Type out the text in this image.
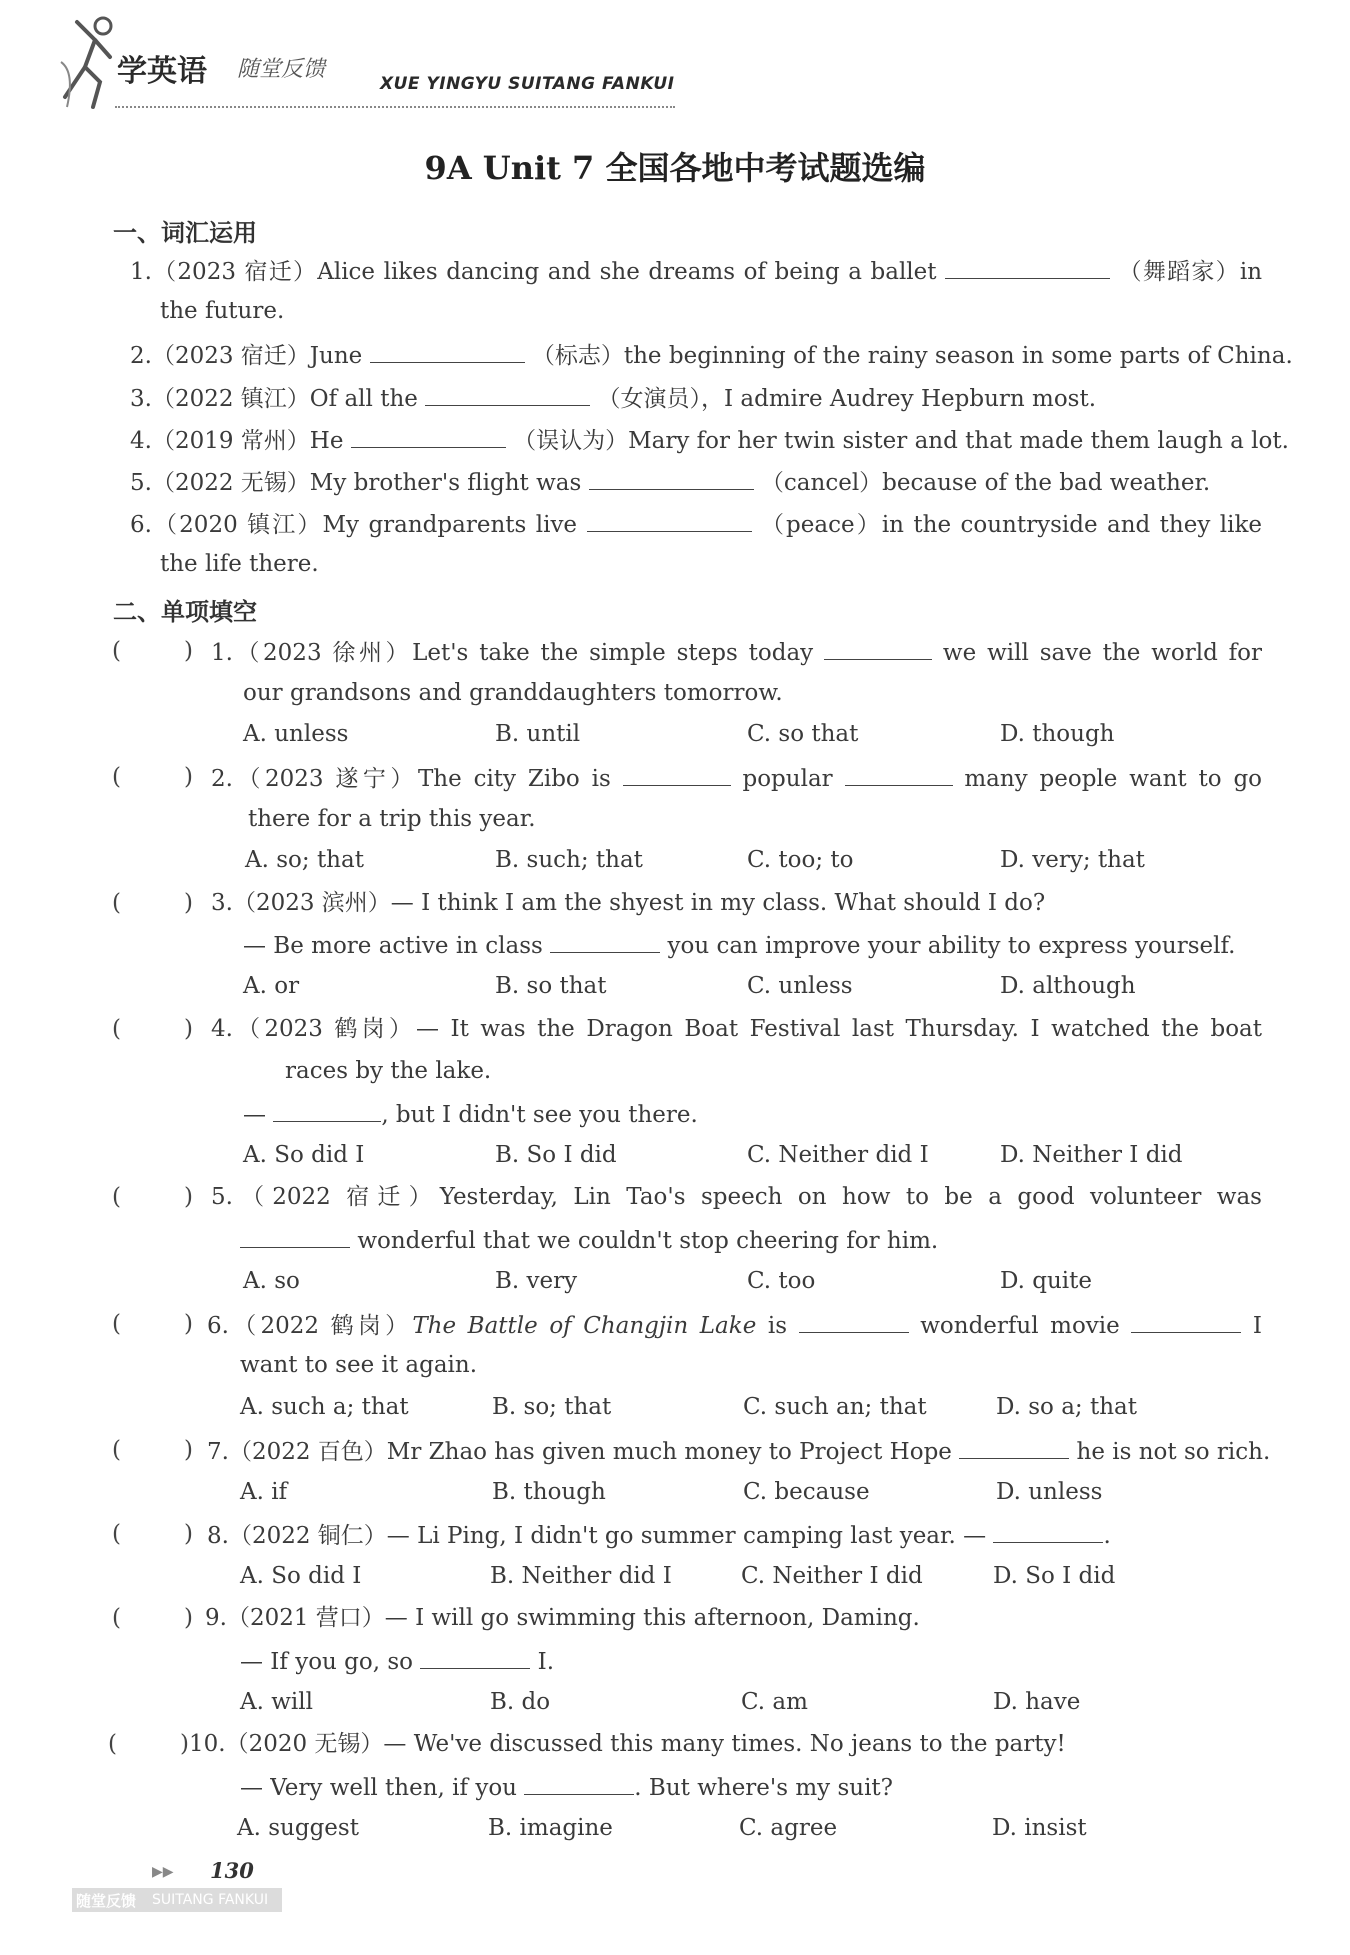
学英语 随堂反馈
XUE YINGYU SUITANG FANKUI
9A Unit 7 全国各地中考试题选编
一、词汇运用
1.（2023 宿迁）Alice likes dancing and she dreams of being a ballet	（舞蹈家）in
the future.
2.（2023 宿迁）June	（标志）the beginning of the rainy season in some parts of China.
3.（2022 镇江）Of all the	（女演员），I admire Audrey Hepburn most.
4.（2019 常州）He	（误认为）Mary for her twin sister and that made them laugh a lot.
5.（2022 无锡）My brother's flight was	（cancel）because of the bad weather.
6.（2020 镇江）My grandparents live	（peace）in the countryside and they like
the life there.
二、单项填空
(	) 1.（2023 徐州）Let's take the simple steps today	we will save the world for
our grandsons and granddaughters tomorrow.
A. unless	B. until	C. so that	D. though
(	) 2.（2023 遂宁）The city Zibo is	popular	many people want to go
there for a trip this year.
A. so; that	B. such; that	C. too; to	D. very; that
(	) 3.（2023 滨州）— I think I am the shyest in my class. What should I do?
— Be more active in class	you can improve your ability to express yourself.
A. or	B. so that	C. unless	D. although
(	) 4.（2023 鹤岗）— It was the Dragon Boat Festival last Thursday. I watched the boat
races by the lake.
—	, but I didn't see you there.
A. So did I	B. So I did	C. Neither did I	D. Neither I did
(	) 5.（2022 宿迁）Yesterday, Lin Tao's speech on how to be a good volunteer was
wonderful that we couldn't stop cheering for him.
A. so	B. very	C. too	D. quite
(	) 6.（2022 鹤岗）The Battle of Changjin Lake is	wonderful movie	I
want to see it again.
A. such a; that	B. so; that	C. such an; that	D. so a; that
(	) 7.（2022 百色）Mr Zhao has given much money to Project Hope	he is not so rich.
A. if	B. though	C. because	D. unless
(	) 8.（2022 铜仁）— Li Ping, I didn't go summer camping last year. —	.
A. So did I	B. Neither did I	C. Neither I did	D. So I did
(	) 9.（2021 营口）— I will go swimming this afternoon, Daming.
— If you go, so	I.
A. will	B. do	C. am	D. have
(	) 10.（2020 无锡）— We've discussed this many times. No jeans to the party!
— Very well then, if you	. But where's my suit?
A. suggest	B. imagine	C. agree	D. insist
▶▶ 130
随堂反馈 SUITANG FANKUI
